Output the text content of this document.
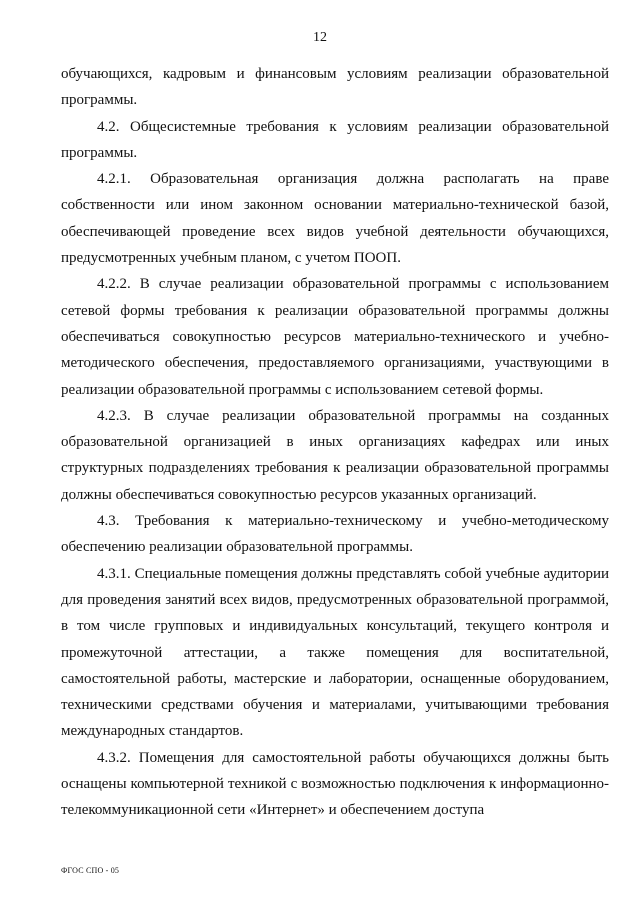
12

обучающихся, кадровым и финансовым условиям реализации образовательной программы.

4.2. Общесистемные требования к условиям реализации образовательной программы.

4.2.1. Образовательная организация должна располагать на праве собственности или ином законном основании материально-технической базой, обеспечивающей проведение всех видов учебной деятельности обучающихся, предусмотренных учебным планом, с учетом ПООП.

4.2.2. В случае реализации образовательной программы с использованием сетевой формы требования к реализации образовательной программы должны обеспечиваться совокупностью ресурсов материально-технического и учебно-методического обеспечения, предоставляемого организациями, участвующими в реализации образовательной программы с использованием сетевой формы.

4.2.3. В случае реализации образовательной программы на созданных образовательной организацией в иных организациях кафедрах или иных структурных подразделениях требования к реализации образовательной программы должны обеспечиваться совокупностью ресурсов указанных организаций.

4.3. Требования к материально-техническому и учебно-методическому обеспечению реализации образовательной программы.

4.3.1. Специальные помещения должны представлять собой учебные аудитории для проведения занятий всех видов, предусмотренных образовательной программой, в том числе групповых и индивидуальных консультаций, текущего контроля и промежуточной аттестации, а также помещения для воспитательной, самостоятельной работы, мастерские и лаборатории, оснащенные оборудованием, техническими средствами обучения и материалами, учитывающими требования международных стандартов.

4.3.2. Помещения для самостоятельной работы обучающихся должны быть оснащены компьютерной техникой с возможностью подключения к информационно-телекоммуникационной сети «Интернет» и обеспечением доступа

ФГОС СПО - 05
